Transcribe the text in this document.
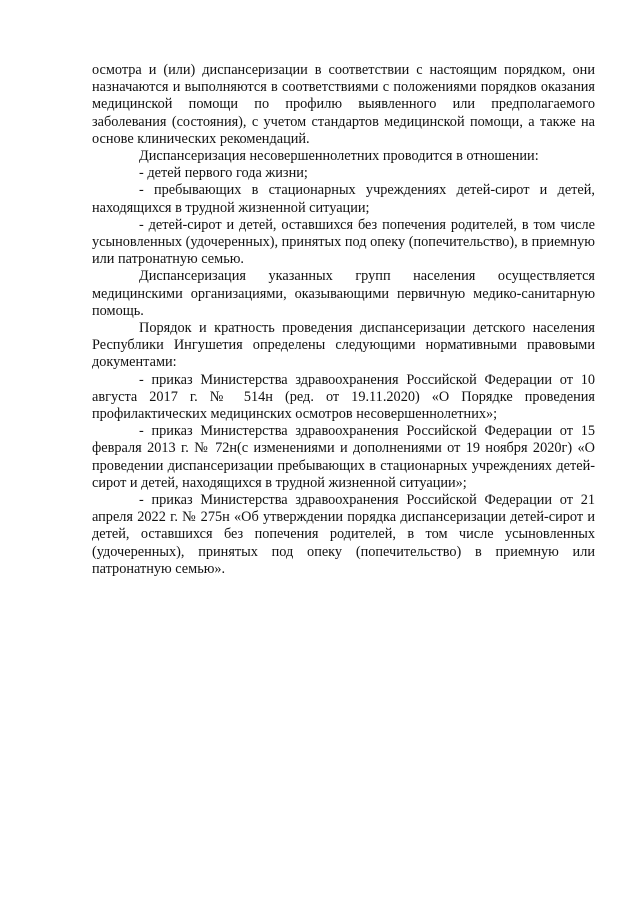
осмотра и (или) диспансеризации в соответствии с настоящим порядком, они назначаются и выполняются в соответствиями с положениями порядков оказания медицинской помощи по профилю выявленного или предполагаемого заболевания (состояния), с учетом стандартов медицинской помощи, а также на основе клинических рекомендаций.

Диспансеризация несовершеннолетних проводится в отношении:

- детей первого года жизни;

- пребывающих в стационарных учреждениях детей-сирот и детей, находящихся в трудной жизненной ситуации;

- детей-сирот и детей, оставшихся без попечения родителей, в том числе усыновленных (удочеренных), принятых под опеку (попечительство), в приемную или патронатную семью.

Диспансеризация указанных групп населения осуществляется медицинскими организациями, оказывающими первичную медико-санитарную помощь.

Порядок и кратность проведения диспансеризации детского населения Республики Ингушетия определены следующими нормативными правовыми документами:

- приказ Министерства здравоохранения Российской Федерации от 10 августа 2017 г. № 514н (ред. от 19.11.2020) «О Порядке проведения профилактических медицинских осмотров несовершеннолетних»;

- приказ Министерства здравоохранения Российской Федерации от 15 февраля 2013 г. № 72н(с изменениями и дополнениями от 19 ноября 2020г) «О проведении диспансеризации пребывающих в стационарных учреждениях детей-сирот и детей, находящихся в трудной жизненной ситуации»;

- приказ Министерства здравоохранения Российской Федерации от 21 апреля 2022 г. № 275н «Об утверждении порядка диспансеризации детей-сирот и детей, оставшихся без попечения родителей, в том числе усыновленных (удочеренных), принятых под опеку (попечительство) в приемную или патронатную семью».
